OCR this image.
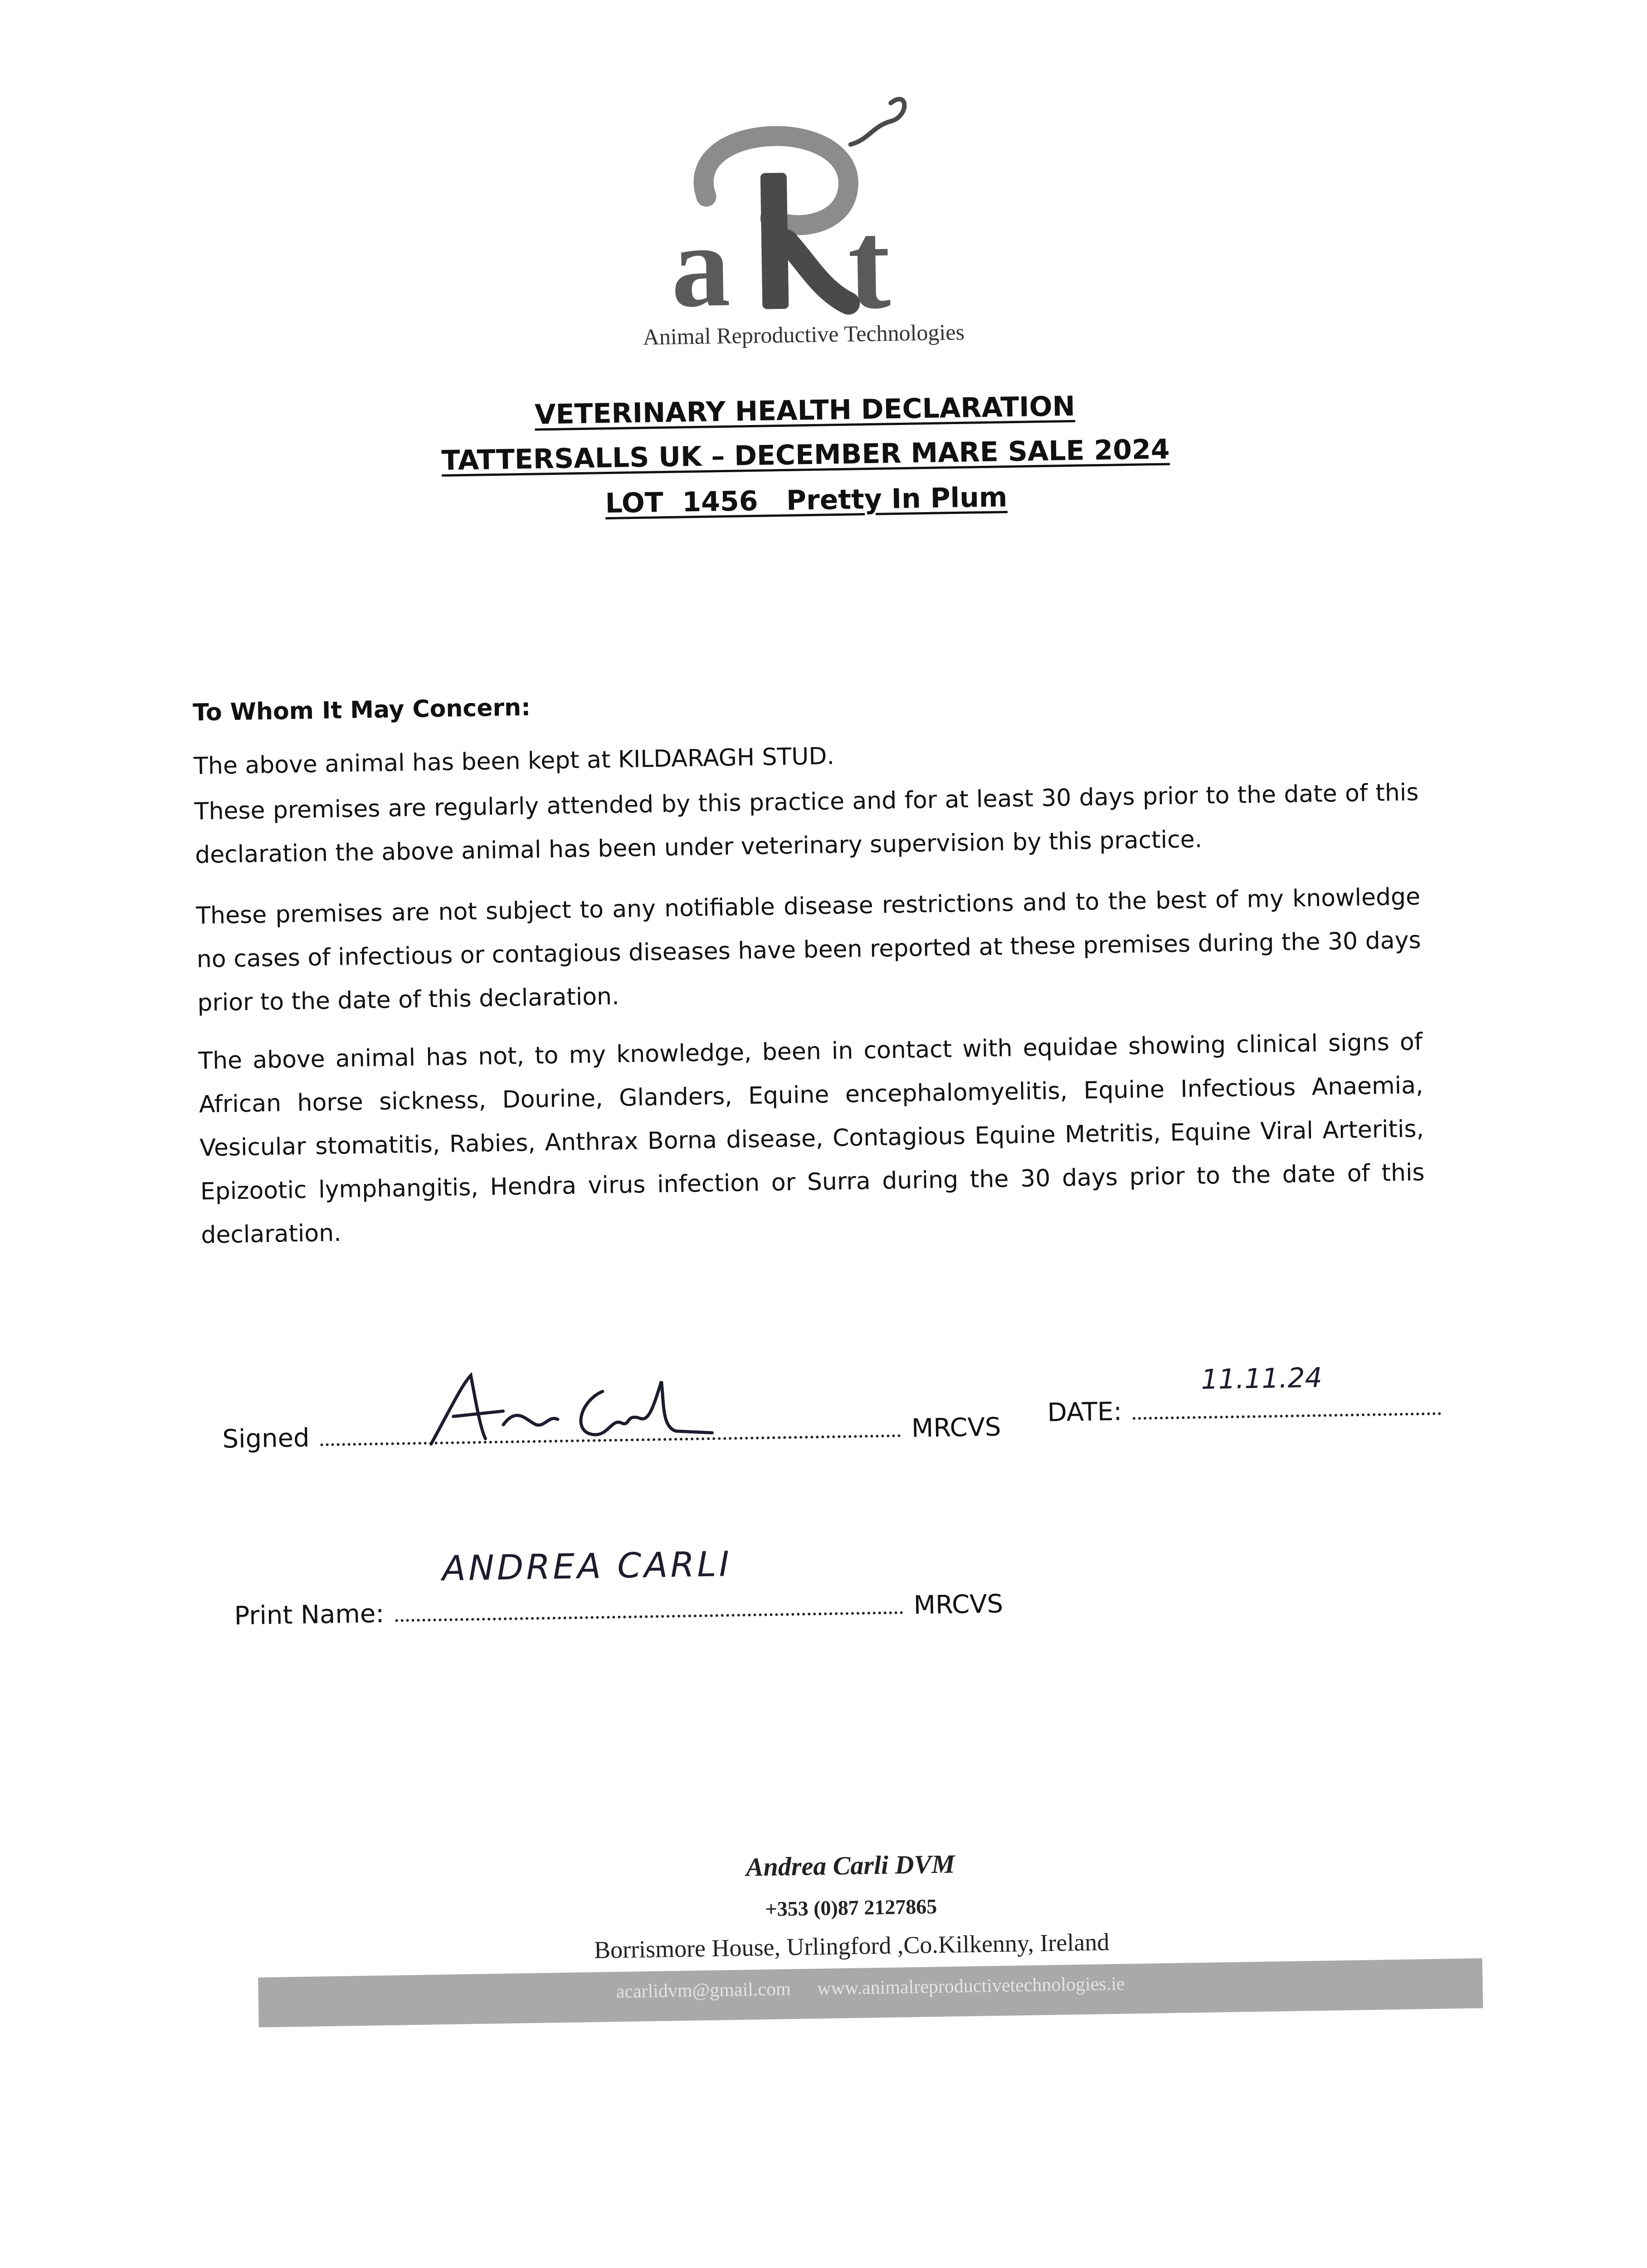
a t
Animal Reproductive Technologies
VETERINARY HEALTH DECLARATION
TATTERSALLS UK – DECEMBER MARE SALE 2024
LOT  1456   Pretty In Plum
To Whom It May Concern:
The above animal has been kept at KILDARAGH STUD.
These premises are regularly attended by this practice and for at least 30 days prior to the date of this declaration the above animal has been under veterinary supervision by this practice.
These premises are not subject to any notifiable disease restrictions and to the best of my knowledge no cases of infectious or contagious diseases have been reported at these premises during the 30 days prior to the date of this declaration.
The above animal has not, to my knowledge, been in contact with equidae showing clinical signs of African horse sickness, Dourine, Glanders, Equine encephalomyelitis, Equine Infectious Anaemia, Vesicular stomatitis, Rabies, Anthrax Borna disease, Contagious Equine Metritis, Equine Viral Arteritis, Epizootic lymphangitis, Hendra virus infection or Surra during the 30 days prior to the date of this declaration.
Signed	MRCVS
DATE:
11.11.24
Print Name:	MRCVS
ANDREA CARLI
Andrea Carli DVM
+353 (0)87 2127865
Borrismore House, Urlingford ,Co.Kilkenny, Ireland
acarlidvm@gmail.com www.animalreproductivetechnologies.ie
